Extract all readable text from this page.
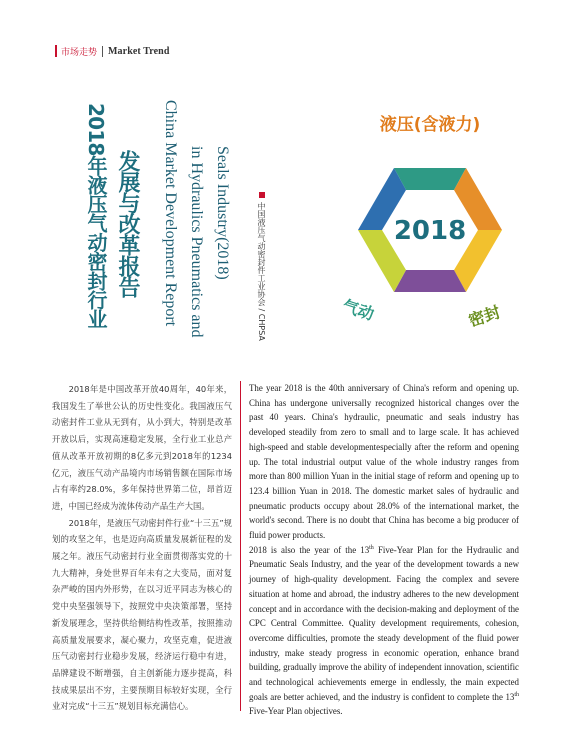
市场走势 Market Trend
Seals Industry(2018)
in Hydraulics Pneumatics and
China Market Development Report
发展与改革报告
2018年液压气动密封行业	中国液压气动密封件工业协会 / CHPSA
液压(含液力)
2018
气动	密封

2018年是中国改革开放40周年，40年来，我国发生了举世公认的历史性变化。我国液压气动密封件工业从无到有，从小到大，特别是改革开放以后，实现高速稳定发展，全行业工业总产值从改革开放初期的8亿多元到2018年的1234亿元，液压气动产品境内市场销售额在国际市场占有率约28.0%，多年保持世界第二位，昂首迈进，中国已经成为流体传动产品生产大国。

2018年，是液压气动密封件行业“十三五”规划的攻坚之年，也是迈向高质量发展新征程的发展之年。液压气动密封行业全面贯彻落实党的十九大精神，身处世界百年未有之大变局，面对复杂严峻的国内外形势，在以习近平同志为核心的党中央坚强领导下，按照党中央决策部署，坚持新发展理念，坚持供给侧结构性改革，按照推动高质量发展要求，凝心聚力，攻坚克难，促进液压气动密封行业稳步发展，经济运行稳中有进，品牌建设不断增强，自主创新能力逐步提高，科技成果层出不穷，主要预期目标较好实现，全行业对完成“十三五”规划目标充满信心。

The year 2018 is the 40th anniversary of China's reform and opening up. China has undergone universally recognized historical changes over the past 40 years. China's hydraulic, pneumatic and seals industry has developed steadily from zero to small and to large scale. It has achieved high-speed and stable developmentespecially after the reform and opening up. The total industrial output value of the whole industry ranges from more than 800 million Yuan in the initial stage of reform and opening up to 123.4 billion Yuan in 2018. The domestic market sales of hydraulic and pneumatic products occupy about 28.0% of the international market, the world's second. There is no doubt that China has become a big producer of fluid power products.

2018 is also the year of the 13th Five-Year Plan for the Hydraulic and Pneumatic Seals Industry, and the year of the development towards a new journey of high-quality development. Facing the complex and severe situation at home and abroad, the industry adheres to the new development concept and in accordance with the decision-making and deployment of the CPC Central Committee. Quality development requirements, cohesion, overcome difficulties, promote the steady development of the fluid power industry, make steady progress in economic operation, enhance brand building, gradually improve the ability of independent innovation, scientific and technological achievements emerge in endlessly, the main expected goals are better achieved, and the industry is confident to complete the 13th Five-Year Plan objectives.
